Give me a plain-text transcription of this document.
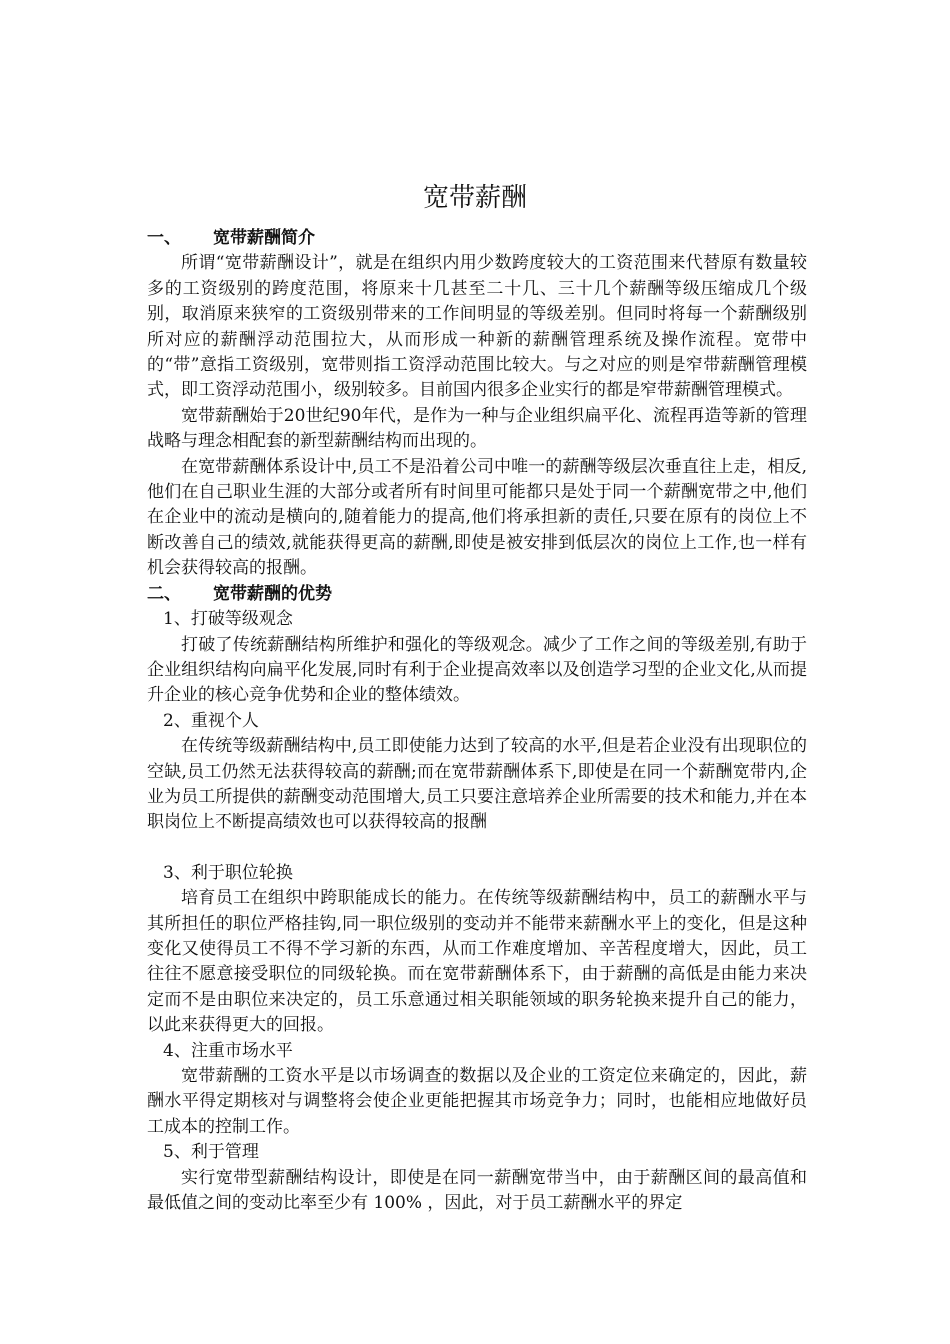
宽带薪酬
一、	宽带薪酬简介

所谓“宽带薪酬设计”，就是在组织内用少数跨度较大的工资范围来代替原有数量较多的工资级别的跨度范围，将原来十几甚至二十几、三十几个薪酬等级压缩成几个级别，取消原来狭窄的工资级别带来的工作间明显的等级差别。但同时将每一个薪酬级别所对应的薪酬浮动范围拉大，从而形成一种新的薪酬管理系统及操作流程。宽带中的“带”意指工资级别，宽带则指工资浮动范围比较大。与之对应的则是窄带薪酬管理模式，即工资浮动范围小，级别较多。目前国内很多企业实行的都是窄带薪酬管理模式。

宽带薪酬始于20世纪90年代，是作为一种与企业组织扁平化、流程再造等新的管理战略与理念相配套的新型薪酬结构而出现的。

在宽带薪酬体系设计中,员工不是沿着公司中唯一的薪酬等级层次垂直往上走，相反,他们在自己职业生涯的大部分或者所有时间里可能都只是处于同一个薪酬宽带之中,他们在企业中的流动是横向的,随着能力的提高,他们将承担新的责任,只要在原有的岗位上不断改善自己的绩效,就能获得更高的薪酬,即使是被安排到低层次的岗位上工作,也一样有机会获得较高的报酬。

二、	宽带薪酬的优势

1、打破等级观念

打破了传统薪酬结构所维护和强化的等级观念。减少了工作之间的等级差别,有助于企业组织结构向扁平化发展,同时有利于企业提高效率以及创造学习型的企业文化,从而提升企业的核心竞争优势和企业的整体绩效。

2、重视个人

在传统等级薪酬结构中,员工即使能力达到了较高的水平,但是若企业没有出现职位的空缺,员工仍然无法获得较高的薪酬;而在宽带薪酬体系下,即使是在同一个薪酬宽带内,企业为员工所提供的薪酬变动范围增大,员工只要注意培养企业所需要的技术和能力,并在本职岗位上不断提高绩效也可以获得较高的报酬

3、利于职位轮换

培育员工在组织中跨职能成长的能力。在传统等级薪酬结构中，员工的薪酬水平与其所担任的职位严格挂钩,同一职位级别的变动并不能带来薪酬水平上的变化，但是这种变化又使得员工不得不学习新的东西，从而工作难度增加、辛苦程度增大，因此，员工往往不愿意接受职位的同级轮换。而在宽带薪酬体系下，由于薪酬的高低是由能力来决定而不是由职位来决定的，员工乐意通过相关职能领域的职务轮换来提升自己的能力，以此来获得更大的回报。

4、注重市场水平

宽带薪酬的工资水平是以市场调查的数据以及企业的工资定位来确定的，因此，薪酬水平得定期核对与调整将会使企业更能把握其市场竞争力；同时，也能相应地做好员工成本的控制工作。

5、利于管理

实行宽带型薪酬结构设计，即使是在同一薪酬宽带当中，由于薪酬区间的最高值和最低值之间的变动比率至少有 100% ，因此，对于员工薪酬水平的界定
